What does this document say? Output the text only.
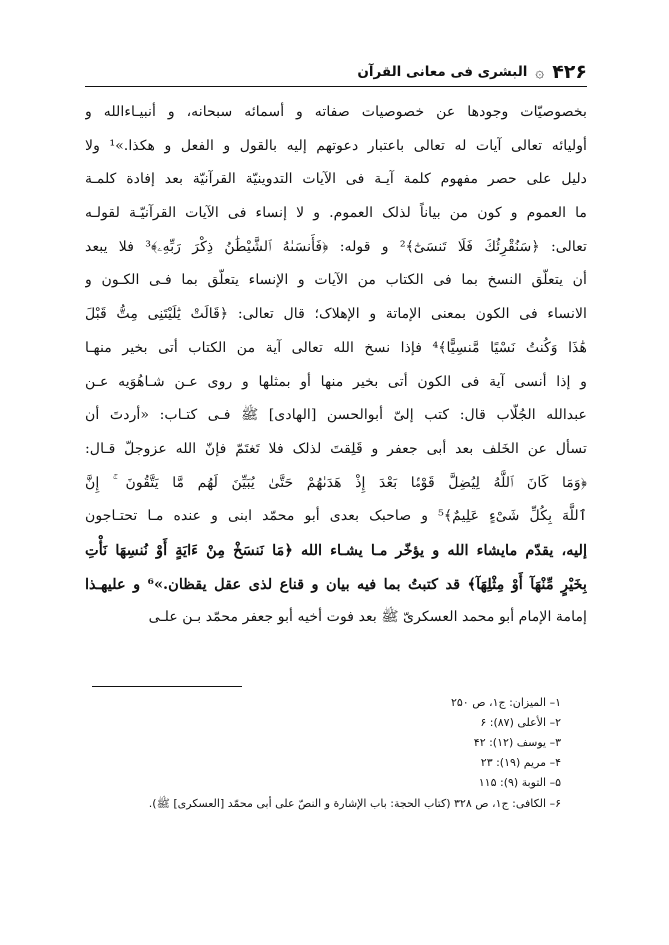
۴۲۶
۞
البشری فی معانی القرآن
بخصوصیّات وجودها عن خصوصیات صفاته و أسمائه سبحانه، و أنبیـاءالله و
أولیائه تعالی آیات له تعالی باعتبار دعوتهم إلیه بالقول و الفعل و هکذا.»¹ ولا
دلیل علی حصر مفهوم کلمة آیـة فی الآیات التدوینیّة القرآنیّة بعد إفادة کلمـة
ما العموم و کون من بیاناً لذلک العموم. و لا إنساء فی الآیات القرآنیّـة لقولـه
تعالی: ﴿سَنُقْرِئُكَ فَلَا تَنسَىٰٓ﴾² و قوله: ﴿فَأَنسَىٰهُ ٱلشَّيْطَٰنُ ذِكْرَ رَبِّهِۦ﴾³ فلا یبعد
أن یتعلّق النسخ بما فی الکتاب من الآیات و الإنساء یتعلّق بما فـی الکـون و
الانساء فی الکون بمعنی الإماتة و الإهلاک؛ قال تعالی: ﴿قَالَتْ يَٰلَيْتَنِى مِتُّ قَبْلَ
هَٰذَا وَكُنتُ نَسْيًا مَّنسِيًّا﴾⁴ فإذا نسخ الله تعالی آیة من الکتاب أتی بخیر منهـا
و إذا أنسی آیة فی الکون أتی بخیر منها أو بمثلها و روی عـن شـاهُوَیه عـن
عبدالله الجُلّاب قال: کتب إلیّ أبوالحسن [الهادی] ﷺ فـی کتـاب: «أردتَ أن
تسأل عن الخَلف بعد أبی جعفر و قَلِقتَ لذلک فلا تَغتَمّ فإنّ الله عزوجلّ قـال:
﴿وَمَا كَانَ ٱللَّهُ لِيُضِلَّ قَوْمًۢا بَعْدَ إِذْ هَدَىٰهُمْ حَتَّىٰ يُبَيِّنَ لَهُم مَّا يَتَّقُونَ ۚ إِنَّ
ٱللَّهَ بِكُلِّ شَىْءٍ عَلِيمٌ﴾⁵ و صاحبک بعدی أبو محمّد ابنی و عنده مـا تحتـاجون
إلیه، یقدّم مایشاء الله و یؤخّر مـا یشـاء الله ﴿مَا نَنسَخْ مِنْ ءَايَةٍ أَوْ نُنسِهَا نَأْتِ
بِخَيْرٍ مِّنْهَآ أَوْ مِثْلِهَآ﴾ قد کتبتُ بما فیه بیان و قناع لذی عقل یقظان.»⁶ و علیهـذا
إمامة الإمام أبو محمد العسکریّ ﷺ بعد فوت أخیه أبو جعفر محمّد بـن علـی
۱– المیزان: ج۱، ص ۲۵۰
۲– الأعلی (۸۷): ۶
۳– یوسف (۱۲): ۴۲
۴– مریم (۱۹): ۲۳
۵– التوبة (۹): ۱۱۵
۶– الکافی: ج۱، ص ۳۲۸ (کتاب الحجة: باب الإشارة و النصّ علی أبی محمّد [العسکری] ﷺ).
